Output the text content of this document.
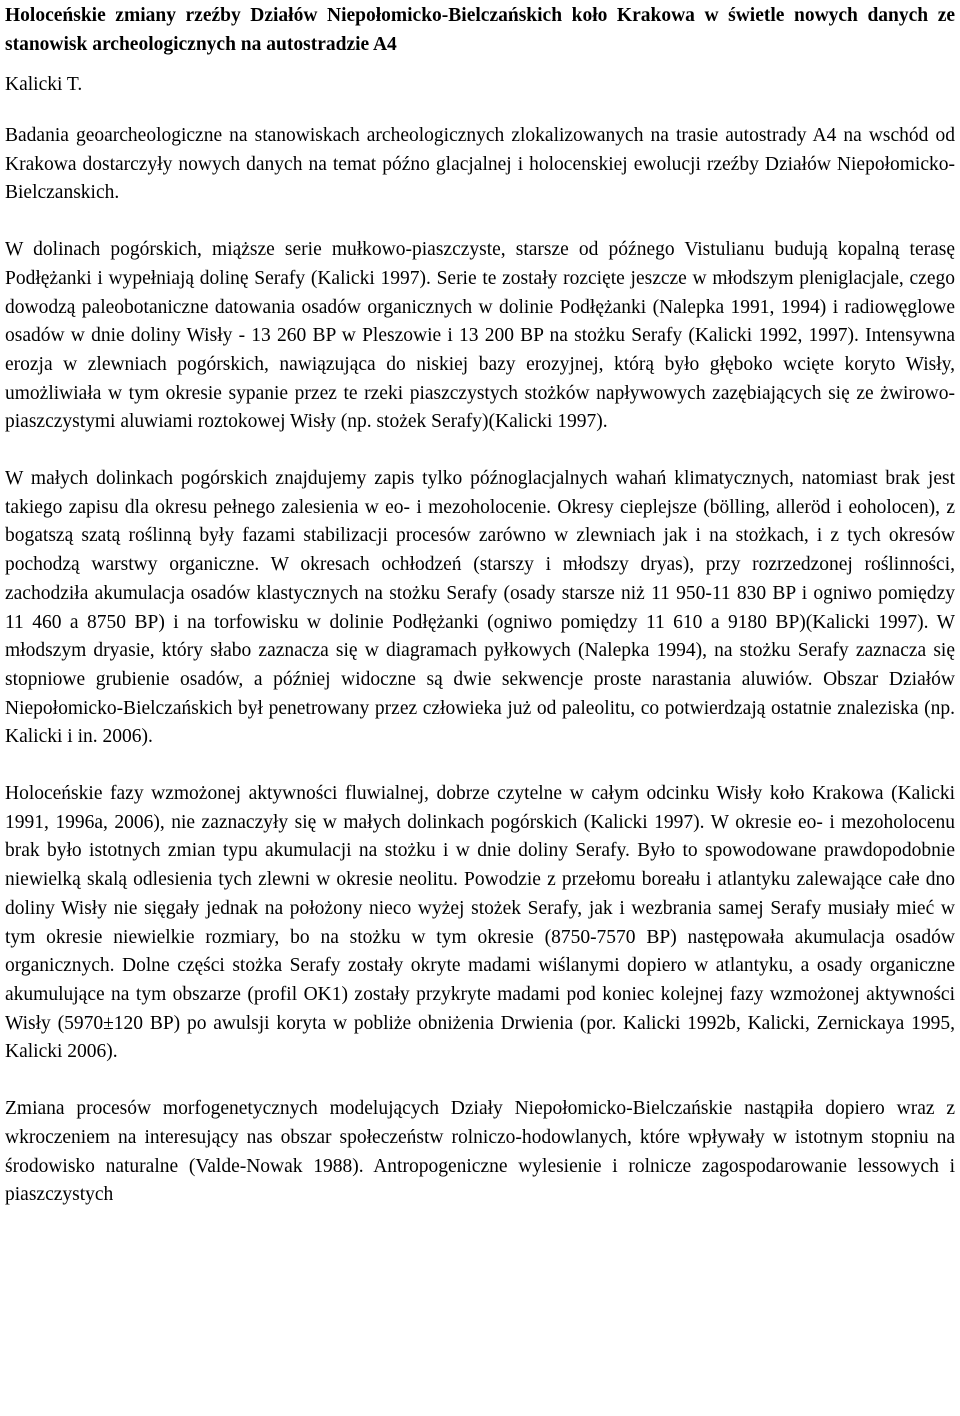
Holoceńskie zmiany rzeźby Działów Niepołomicko-Bielczańskich koło Krakowa w świetle nowych danych ze stanowisk archeologicznych na autostradzie A4

Kalicki T.

Badania geoarcheologiczne na stanowiskach archeologicznych zlokalizowanych na trasie autostrady A4 na wschód od Krakowa dostarczyły nowych danych na temat późno glacjalnej i holocenskiej ewolucji rzeźby Działów Niepołomicko-Bielczanskich.

W dolinach pogórskich, miąższe serie mułkowo-piaszczyste, starsze od późnego Vistulianu budują kopalną terasę Podłężanki i wypełniają dolinę Serafy (Kalicki 1997). Serie te zostały rozcięte jeszcze w młodszym pleniglacjale, czego dowodzą paleobotaniczne datowania osadów organicznych w dolinie Podłężanki (Nalepka 1991, 1994) i radiowęglowe osadów w dnie doliny Wisły - 13 260 BP w Pleszowie i 13 200 BP na stożku Serafy (Kalicki 1992, 1997). Intensywna erozja w zlewniach pogórskich, nawiązująca do niskiej bazy erozyjnej, którą było głęboko wcięte koryto Wisły, umożliwiała w tym okresie sypanie przez te rzeki piaszczystych stożków napływowych zazębiających się ze żwirowo-piaszczystymi aluwiami roztokowej Wisły (np. stożek Serafy)(Kalicki 1997).

W małych dolinkach pogórskich znajdujemy zapis tylko późnoglacjalnych wahań klimatycznych, natomiast brak jest takiego zapisu dla okresu pełnego zalesienia w eo- i mezoholocenie. Okresy cieplejsze (bölling, alleröd i eoholocen), z bogatszą szatą roślinną były fazami stabilizacji procesów zarówno w zlewniach jak i na stożkach, i z tych okresów pochodzą warstwy organiczne. W okresach ochłodzeń (starszy i młodszy dryas), przy rozrzedzonej roślinności, zachodziła akumulacja osadów klastycznych na stożku Serafy (osady starsze niż 11 950-11 830 BP i ogniwo pomiędzy 11 460 a 8750 BP) i na torfowisku w dolinie Podłężanki (ogniwo pomiędzy 11 610 a 9180 BP)(Kalicki 1997). W młodszym dryasie, który słabo zaznacza się w diagramach pyłkowych (Nalepka 1994), na stożku Serafy zaznacza się stopniowe grubienie osadów, a później widoczne są dwie sekwencje proste narastania aluwiów. Obszar Działów Niepołomicko-Bielczańskich był penetrowany przez człowieka już od paleolitu, co potwierdzają ostatnie znaleziska (np. Kalicki i in. 2006).

Holoceńskie fazy wzmożonej aktywności fluwialnej, dobrze czytelne w całym odcinku Wisły koło Krakowa (Kalicki 1991, 1996a, 2006), nie zaznaczyły się w małych dolinkach pogórskich (Kalicki 1997). W okresie eo- i mezoholocenu brak było istotnych zmian typu akumulacji na stożku i w dnie doliny Serafy. Było to spowodowane prawdopodobnie niewielką skalą odlesienia tych zlewni w okresie neolitu. Powodzie z przełomu boreału i atlantyku zalewające całe dno doliny Wisły nie sięgały jednak na położony nieco wyżej stożek Serafy, jak i wezbrania samej Serafy musiały mieć w tym okresie niewielkie rozmiary, bo na stożku w tym okresie (8750-7570 BP) następowała akumulacja osadów organicznych. Dolne części stożka Serafy zostały okryte madami wiślanymi dopiero w atlantyku, a osady organiczne akumulujące na tym obszarze (profil OK1) zostały przykryte madami pod koniec kolejnej fazy wzmożonej aktywności Wisły (5970±120 BP) po awulsji koryta w pobliże obniżenia Drwienia (por. Kalicki 1992b, Kalicki, Zernickaya 1995, Kalicki 2006).

Zmiana procesów morfogenetycznych modelujących Działy Niepołomicko-Bielczańskie nastąpiła dopiero wraz z wkroczeniem na interesujący nas obszar społeczeństw rolniczo-hodowlanych, które wpływały w istotnym stopniu na środowisko naturalne (Valde-Nowak 1988). Antropogeniczne wylesienie i rolnicze zagospodarowanie lessowych i piaszczystych
